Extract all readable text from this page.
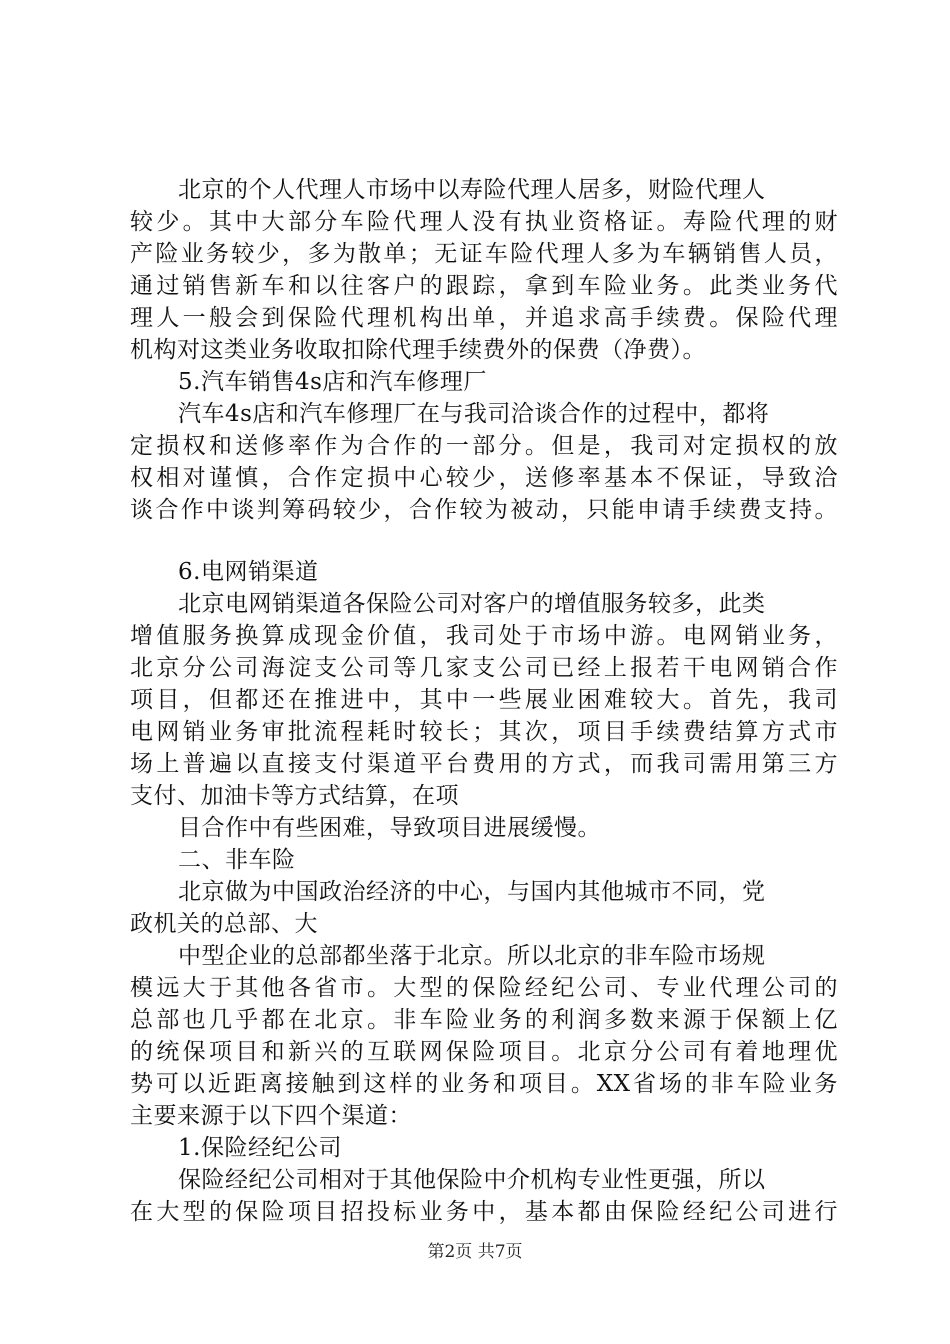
北京的个人代理人市场中以寿险代理人居多，财险代理人
较少。其中大部分车险代理人没有执业资格证。寿险代理的财
产险业务较少，多为散单；无证车险代理人多为车辆销售人员，
通过销售新车和以往客户的跟踪，拿到车险业务。此类业务代
理人一般会到保险代理机构出单，并追求高手续费。保险代理
机构对这类业务收取扣除代理手续费外的保费（净费）。
5.汽车销售4s店和汽车修理厂
汽车4s店和汽车修理厂在与我司洽谈合作的过程中，都将
定损权和送修率作为合作的一部分。但是，我司对定损权的放
权相对谨慎，合作定损中心较少，送修率基本不保证，导致洽
谈合作中谈判筹码较少，合作较为被动，只能申请手续费支持。
6.电网销渠道
北京电网销渠道各保险公司对客户的增值服务较多，此类
增值服务换算成现金价值，我司处于市场中游。电网销业务，
北京分公司海淀支公司等几家支公司已经上报若干电网销合作
项目，但都还在推进中，其中一些展业困难较大。首先，我司
电网销业务审批流程耗时较长；其次，项目手续费结算方式市
场上普遍以直接支付渠道平台费用的方式，而我司需用第三方
支付、加油卡等方式结算，在项
目合作中有些困难，导致项目进展缓慢。
二、非车险
北京做为中国政治经济的中心，与国内其他城市不同，党
政机关的总部、大
中型企业的总部都坐落于北京。所以北京的非车险市场规
模远大于其他各省市。大型的保险经纪公司、专业代理公司的
总部也几乎都在北京。非车险业务的利润多数来源于保额上亿
的统保项目和新兴的互联网保险项目。北京分公司有着地理优
势可以近距离接触到这样的业务和项目。XX省场的非车险业务
主要来源于以下四个渠道：
1.保险经纪公司
保险经纪公司相对于其他保险中介机构专业性更强，所以
在大型的保险项目招投标业务中，基本都由保险经纪公司进行
第2页 共7页
